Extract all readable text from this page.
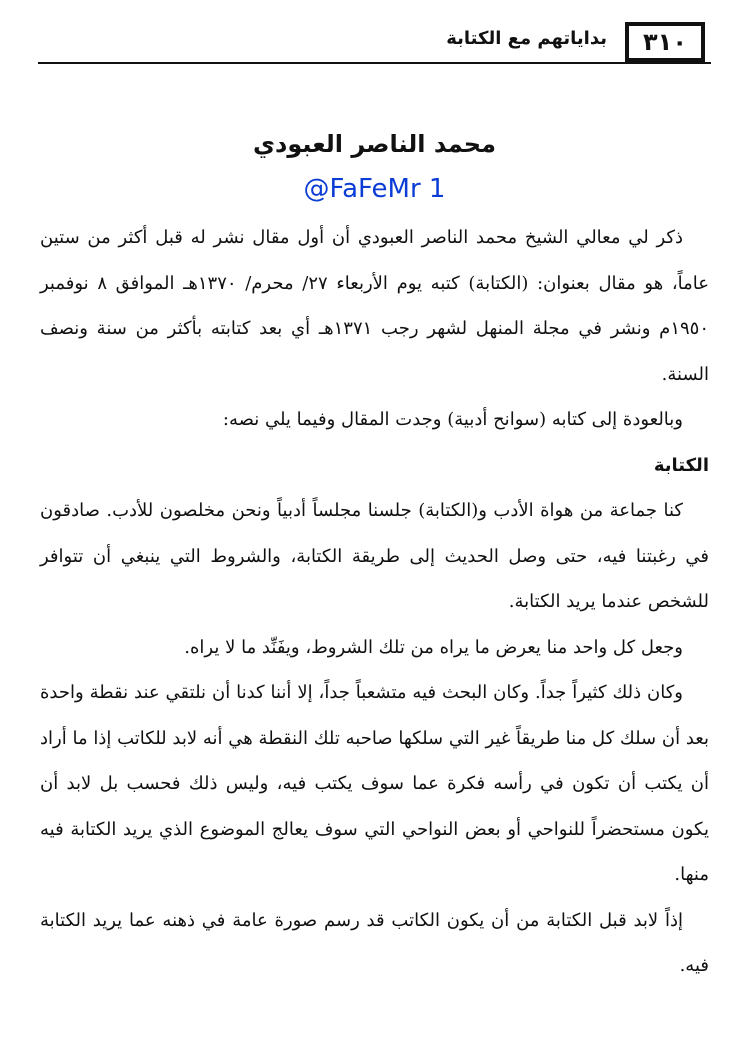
٣١٠
بداياتهم مع الكتابة
محمد الناصر العبودي
@FaFeMr 1

ذكر لي معالي الشيخ محمد الناصر العبودي أن أول مقال نشر له قبل أكثر من ستين عاماً، هو مقال بعنوان: (الكتابة) كتبه يوم الأربعاء ٢٧/ محرم/ ١٣٧٠هـ الموافق ٨ نوفمبر ١٩٥٠م ونشر في مجلة المنهل لشهر رجب ١٣٧١هـ أي بعد كتابته بأكثر من سنة ونصف السنة.

وبالعودة إلى كتابه (سوانح أدبية) وجدت المقال وفيما يلي نصه:

الكتابة

كنا جماعة من هواة الأدب و(الكتابة) جلسنا مجلساً أدبياً ونحن مخلصون للأدب. صادقون في رغبتنا فيه، حتى وصل الحديث إلى طريقة الكتابة، والشروط التي ينبغي أن تتوافر للشخص عندما يريد الكتابة.

وجعل كل واحد منا يعرض ما يراه من تلك الشروط، ويفَنِّد ما لا يراه.

وكان ذلك كثيراً جداً. وكان البحث فيه متشعباً جداً، إلا أننا كدنا أن نلتقي عند نقطة واحدة بعد أن سلك كل منا طريقاً غير التي سلكها صاحبه تلك النقطة هي أنه لابد للكاتب إذا ما أراد أن يكتب أن تكون في رأسه فكرة عما سوف يكتب فيه، وليس ذلك فحسب بل لابد أن يكون مستحضراً للنواحي أو بعض النواحي التي سوف يعالج الموضوع الذي يريد الكتابة فيه منها.

إذاً لابد قبل الكتابة من أن يكون الكاتب قد رسم صورة عامة في ذهنه عما يريد الكتابة فيه.
